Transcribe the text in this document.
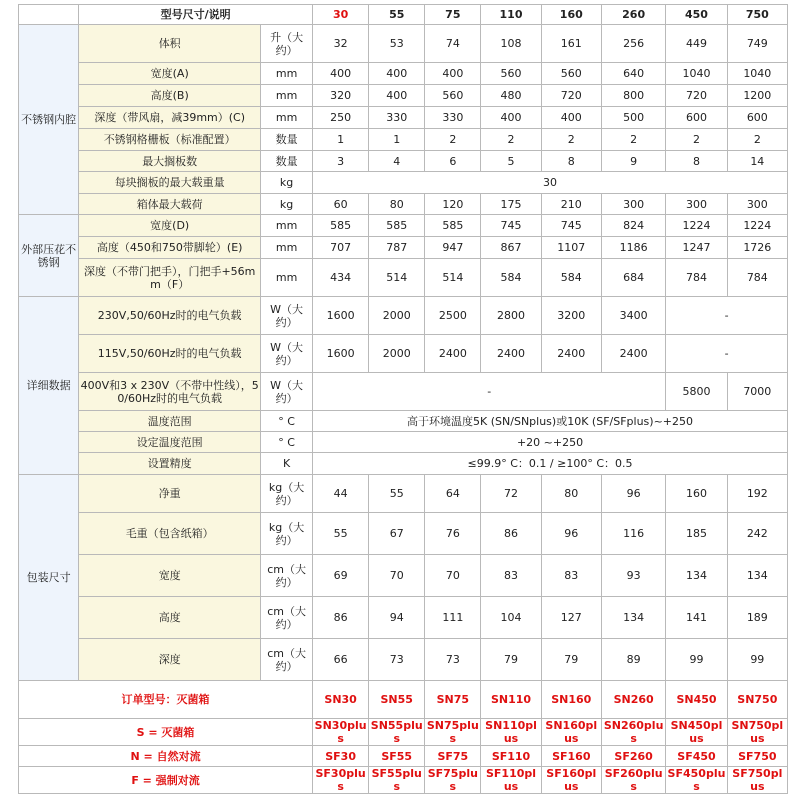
	型号尺寸/说明		30	55	75	110	160	260	450	750
不锈钢内腔	体积	升（大约）	32	53	74	108	161	256	449	749
	宽度(A)	mm	400	400	400	560	560	640	1040	1040
	高度(B)	mm	320	400	560	480	720	800	720	1200
	深度（带风扇，减39mm）(C)	mm	250	330	330	400	400	500	600	600
	不锈钢格栅板（标准配置）	数量	1	1	2	2	2	2	2	2
	最大搁板数	数量	3	4	6	5	8	9	8	14
	每块搁板的最大载重量	kg	30							
	箱体最大载荷	kg	60	80	120	175	210	300	300	300
外部压花不锈钢	宽度(D)	mm	585	585	585	745	745	824	1224	1224
	高度（450和750带脚轮）(E)	mm	707	787	947	867	1107	1186	1247	1726
	深度（不带门把手），门把手+56mm（F）	mm	434	514	514	584	584	684	784	784
详细数据	230V,50/60Hz时的电气负载	W（大约）	1600	2000	2500	2800	3200	3400	-	
	115V,50/60Hz时的电气负载	W（大约）	1600	2000	2400	2400	2400	2400	-	
	400V和3 x 230V（不带中性线），50/60Hz时的电气负载	W（大约）	-						5800	7000
	温度范围	° C	高于环境温度5K (SN/SNplus)或10K (SF/SFplus)~+250							
	设定温度范围	° C	+20 ~+250							
	设置精度	K	≤99.9° C：0.1 / ≥100° C：0.5							
包装尺寸	净重	kg（大约）	44	55	64	72	80	96	160	192
	毛重（包含纸箱）	kg（大约）	55	67	76	86	96	116	185	242
	宽度	cm（大约）	69	70	70	83	83	93	134	134
	高度	cm（大约）	86	94	111	104	127	134	141	189
	深度	cm（大约）	66	73	73	79	79	89	99	99
订单型号：灭菌箱			SN30	SN55	SN75	SN110	SN160	SN260	SN450	SN750
S = 灭菌箱			SN30plus	SN55plus	SN75plus	SN110plus	SN160plus	SN260plus	SN450plus	SN750plus
N = 自然对流			SF30	SF55	SF75	SF110	SF160	SF260	SF450	SF750
F = 强制对流			SF30plus	SF55plus	SF75plus	SF110plus	SF160plus	SF260plus	SF450plus	SF750plus
